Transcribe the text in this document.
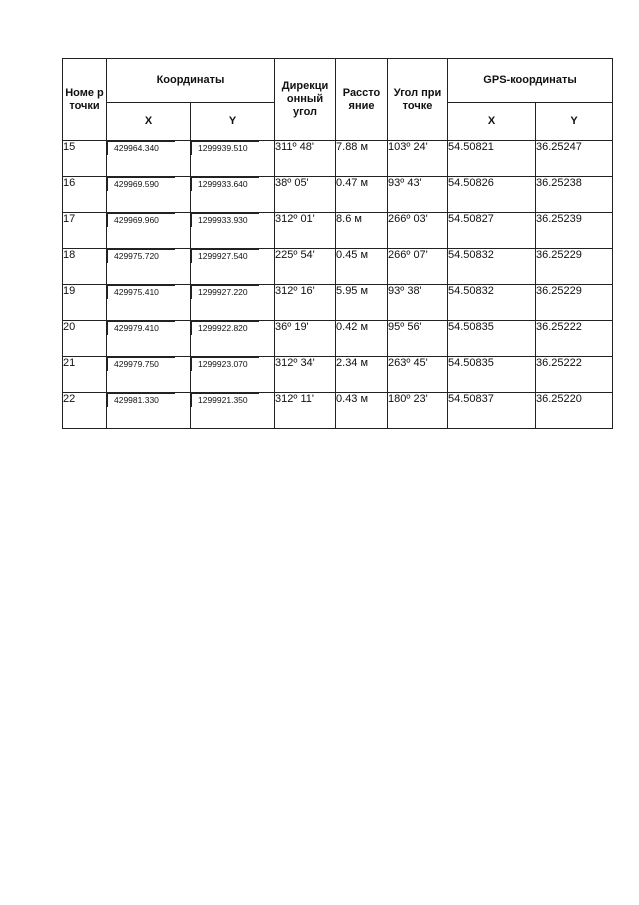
Номе р точки	Координаты		Дирекци онный угол	Рассто яние	Угол при точке	GPS-координаты	
	X	Y				X	Y
15	429964.340	1299939.510	311º 48'	7.88 м	103º 24'	54.50821	36.25247
16	429969.590	1299933.640	38º 05'	0.47 м	93º 43'	54.50826	36.25238
17	429969.960	1299933.930	312º 01'	8.6 м	266º 03'	54.50827	36.25239
18	429975.720	1299927.540	225º 54'	0.45 м	266º 07'	54.50832	36.25229
19	429975.410	1299927.220	312º 16'	5.95 м	93º 38'	54.50832	36.25229
20	429979.410	1299922.820	36º 19'	0.42 м	95º 56'	54.50835	36.25222
21	429979.750	1299923.070	312º 34'	2.34 м	263º 45'	54.50835	36.25222
22	429981.330	1299921.350	312º 11'	0.43 м	180º 23'	54.50837	36.25220
